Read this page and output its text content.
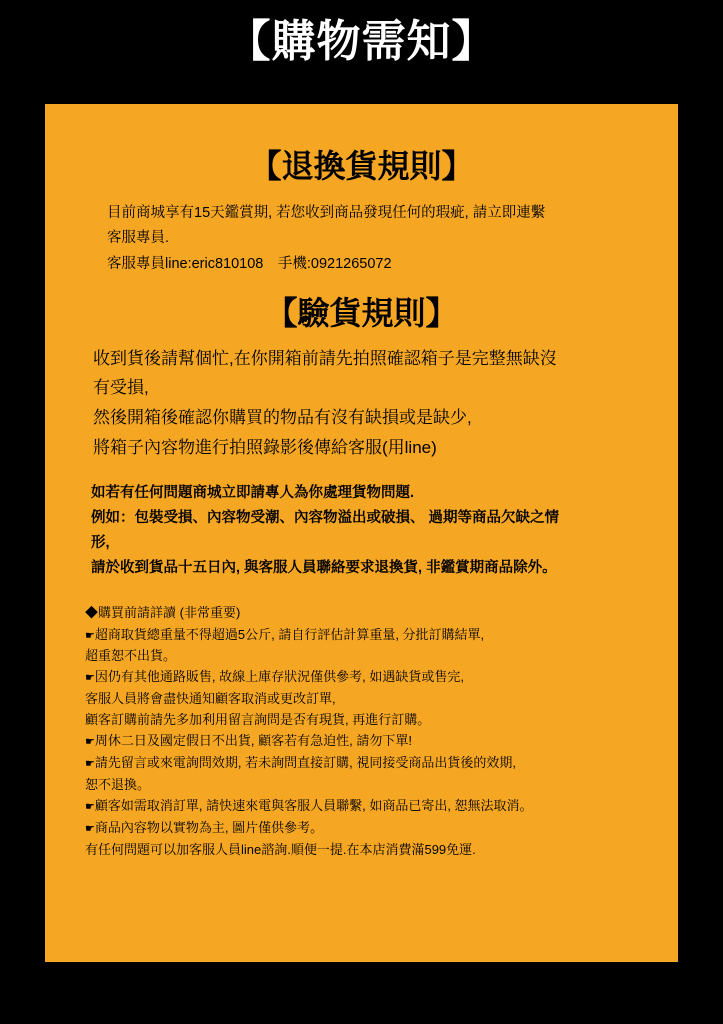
【購物需知】
【退換貨規則】
目前商城享有15天鑑賞期, 若您收到商品發現任何的瑕疵, 請立即連繫
客服專員.
客服專員line:eric810108　手機:0921265072
【驗貨規則】
收到貨後請幫個忙,在你開箱前請先拍照確認箱子是完整無缺沒
有受損,
然後開箱後確認你購買的物品有沒有缺損或是缺少,
將箱子內容物進行拍照錄影後傳給客服(用line)
如若有任何問題商城立即請專人為你處理貨物問題.
例如：包裝受損、內容物受潮、內容物溢出或破損、 過期等商品欠缺之情
形,
請於收到貨品十五日內, 與客服人員聯絡要求退換貨, 非鑑賞期商品除外。
◆購買前請詳讀 (非常重要)
☛超商取貨總重量不得超過5公斤, 請自行評估計算重量, 分批訂購結單,
超重恕不出貨。
☛因仍有其他通路販售, 故線上庫存狀況僅供參考, 如遇缺貨或售完,
客服人員將會盡快通知顧客取消或更改訂單,
顧客訂購前請先多加利用留言詢問是否有現貨, 再進行訂購。
☛周休二日及國定假日不出貨, 顧客若有急迫性, 請勿下單!
☛請先留言或來電詢問效期, 若未詢問直接訂購, 視同接受商品出貨後的效期,
恕不退換。
☛顧客如需取消訂單, 請快速來電與客服人員聯繫, 如商品已寄出, 恕無法取消。
☛商品內容物以實物為主, 圖片僅供參考。
有任何問題可以加客服人員line諮詢.順便一提.在本店消費滿599免運.
